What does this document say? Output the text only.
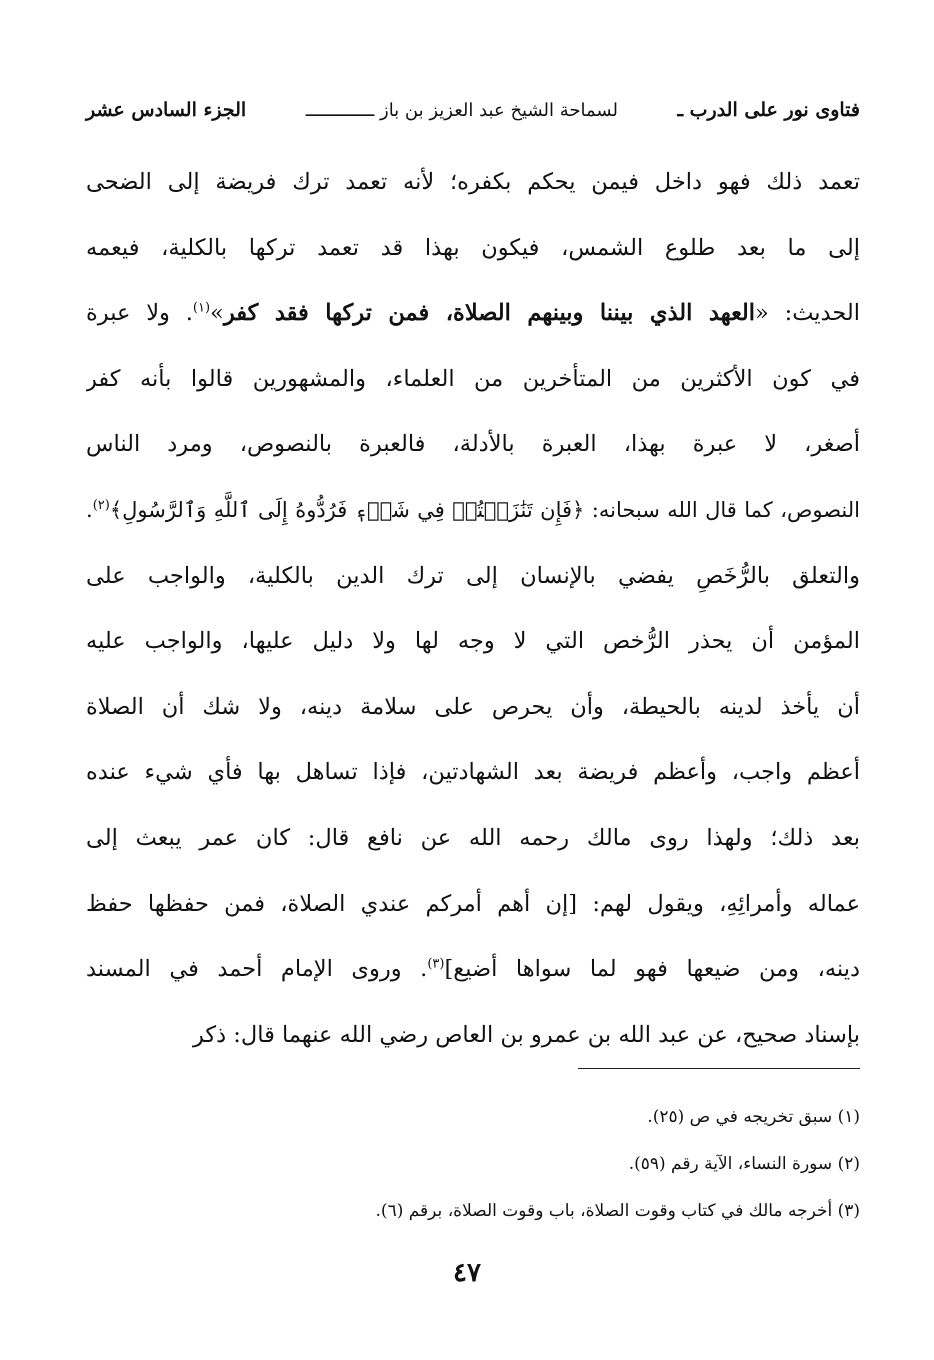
فتاوى نور على الدرب ـ
لسماحة الشيخ عبد العزيز بن باز ـــــــــــــ
الجزء السادس عشر
تعمد ذلك فهو داخل فيمن يحكم بكفره؛ لأنه تعمد ترك فريضة إلى الضحى
إلى ما بعد طلوع الشمس، فيكون بهذا قد تعمد تركها بالكلية، فيعمه
الحديث: «العهد الذي بيننا وبينهم الصلاة، فمن تركها فقد كفر»$^{(١)}$. ولا عبرة
في كون الأكثرين من المتأخرين من العلماء، والمشهورين قالوا بأنه كفر
أصغر، لا عبرة بهذا، العبرة بالأدلة، فالعبرة بالنصوص، ومرد الناس
النصوص، كما قال الله سبحانه: ﴿فَإِن تَنَٰزَعۡتُمۡ فِي شَيۡءٖ فَرُدُّوهُ إِلَى ٱللَّهِ وَٱلرَّسُولِ﴾$^{(٢)}$.
والتعلق بالرُّخَصِ يفضي بالإنسان إلى ترك الدين بالكلية، والواجب على
المؤمن أن يحذر الرُّخص التي لا وجه لها ولا دليل عليها، والواجب عليه
أن يأخذ لدينه بالحيطة، وأن يحرص على سلامة دينه، ولا شك أن الصلاة
أعظم واجب، وأعظم فريضة بعد الشهادتين، فإذا تساهل بها فأي شيء عنده
بعد ذلك؛ ولهذا روى مالك رحمه الله عن نافع قال: كان عمر يبعث إلى
عماله وأمرائِهِ، ويقول لهم: [إن أهم أمركم عندي الصلاة، فمن حفظها حفظ
دينه، ومن ضيعها فهو لما سواها أضيع]$^{(٣)}$. وروى الإمام أحمد في المسند
بإسناد صحيح، عن عبد الله بن عمرو بن العاص رضي الله عنهما قال: ذكر
(١) سبق تخريجه في ص (٢٥).
(٢) سورة النساء، الآية رقم (٥٩).
(٣) أخرجه مالك في كتاب وقوت الصلاة، باب وقوت الصلاة، برقم (٦).
٤٧
